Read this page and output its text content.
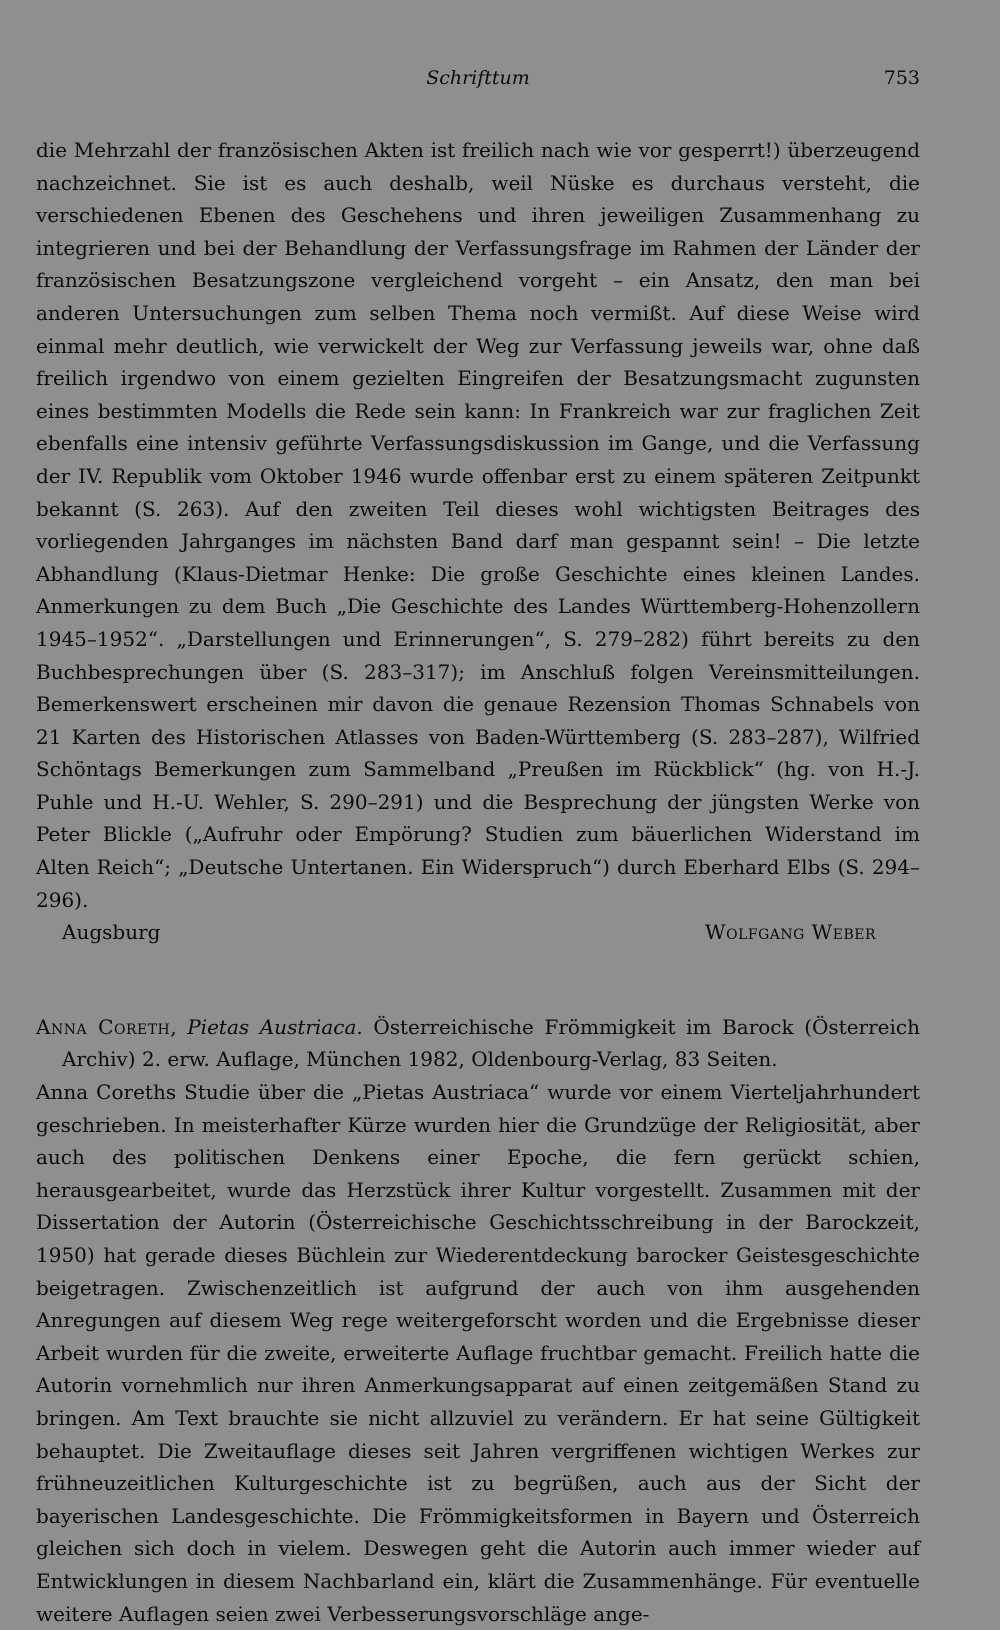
Schrifttum	753

die Mehrzahl der französischen Akten ist freilich nach wie vor gesperrt!) überzeugend nachzeichnet. Sie ist es auch deshalb, weil Nüske es durchaus versteht, die verschiedenen Ebenen des Geschehens und ihren jeweiligen Zusammenhang zu integrieren und bei der Behandlung der Verfassungsfrage im Rahmen der Länder der französischen Besatzungszone vergleichend vorgeht – ein Ansatz, den man bei anderen Untersuchungen zum selben Thema noch vermißt. Auf diese Weise wird einmal mehr deutlich, wie verwickelt der Weg zur Verfassung jeweils war, ohne daß freilich irgendwo von einem gezielten Eingreifen der Besatzungsmacht zugunsten eines bestimmten Modells die Rede sein kann: In Frankreich war zur fraglichen Zeit ebenfalls eine intensiv geführte Verfassungsdiskussion im Gange, und die Verfassung der IV. Republik vom Oktober 1946 wurde offenbar erst zu einem späteren Zeitpunkt bekannt (S. 263). Auf den zweiten Teil dieses wohl wichtigsten Beitrages des vorliegenden Jahrganges im nächsten Band darf man gespannt sein! – Die letzte Abhandlung (Klaus-Dietmar Henke: Die große Geschichte eines kleinen Landes. Anmerkungen zu dem Buch „Die Geschichte des Landes Württemberg-Hohenzollern 1945–1952“. „Darstellungen und Erinnerungen“, S. 279–282) führt bereits zu den Buchbesprechungen über (S. 283–317); im Anschluß folgen Vereinsmitteilungen. Bemerkenswert erscheinen mir davon die genaue Rezension Thomas Schnabels von 21 Karten des Historischen Atlasses von Baden-Württemberg (S. 283–287), Wilfried Schöntags Bemerkungen zum Sammelband „Preußen im Rückblick“ (hg. von H.-J. Puhle und H.-U. Wehler, S. 290–291) und die Besprechung der jüngsten Werke von Peter Blickle („Aufruhr oder Empörung? Studien zum bäuerlichen Widerstand im Alten Reich“; „Deutsche Untertanen. Ein Widerspruch“) durch Eberhard Elbs (S. 294–296).

Augsburg	Wolfgang Weber
Anna Coreth, Pietas Austriaca. Österreichische Frömmigkeit im Barock (Österreich Archiv) 2. erw. Auflage, München 1982, Oldenbourg-Verlag, 83 Seiten.

Anna Coreths Studie über die „Pietas Austriaca“ wurde vor einem Vierteljahrhundert geschrieben. In meisterhafter Kürze wurden hier die Grundzüge der Religiosität, aber auch des politischen Denkens einer Epoche, die fern gerückt schien, herausgearbeitet, wurde das Herzstück ihrer Kultur vorgestellt. Zusammen mit der Dissertation der Autorin (Österreichische Geschichtsschreibung in der Barockzeit, 1950) hat gerade dieses Büchlein zur Wiederentdeckung barocker Geistesgeschichte beigetragen. Zwischenzeitlich ist aufgrund der auch von ihm ausgehenden Anregungen auf diesem Weg rege weitergeforscht worden und die Ergebnisse dieser Arbeit wurden für die zweite, erweiterte Auflage fruchtbar gemacht. Freilich hatte die Autorin vornehmlich nur ihren Anmerkungsapparat auf einen zeitgemäßen Stand zu bringen. Am Text brauchte sie nicht allzuviel zu verändern. Er hat seine Gültigkeit behauptet. Die Zweitauflage dieses seit Jahren vergriffenen wichtigen Werkes zur frühneuzeitlichen Kulturgeschichte ist zu begrüßen, auch aus der Sicht der bayerischen Landesgeschichte. Die Frömmigkeitsformen in Bayern und Österreich gleichen sich doch in vielem. Deswegen geht die Autorin auch immer wieder auf Entwicklungen in diesem Nachbarland ein, klärt die Zusammenhänge. Für eventuelle weitere Auflagen seien zwei Verbesserungsvorschläge ange-
